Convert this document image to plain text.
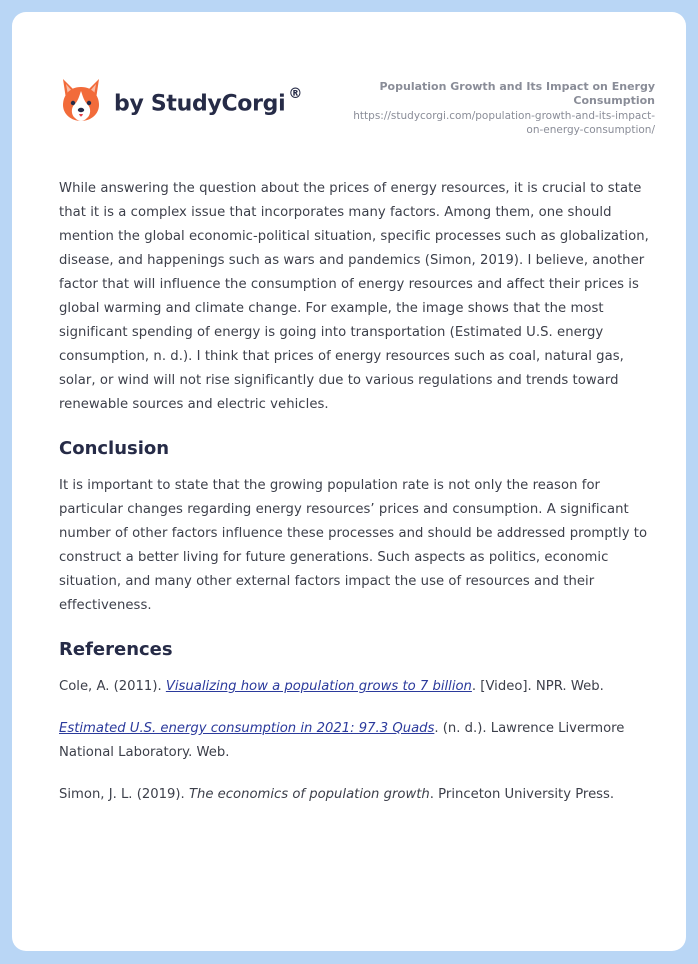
by StudyCorgi ®	Population Growth and Its Impact on Energy Consumption
https://studycorgi.com/population-growth-and-its-impact-
on-energy-consumption/

While answering the question about the prices of energy resources, it is crucial to state that it is a complex issue that incorporates many factors. Among them, one should mention the global economic-political situation, specific processes such as globalization, disease, and happenings such as wars and pandemics (Simon, 2019). I believe, another factor that will influence the consumption of energy resources and affect their prices is global warming and climate change. For example, the image shows that the most significant spending of energy is going into transportation (Estimated U.S. energy consumption, n. d.). I think that prices of energy resources such as coal, natural gas, solar, or wind will not rise significantly due to various regulations and trends toward renewable sources and electric vehicles.

Conclusion

It is important to state that the growing population rate is not only the reason for particular changes regarding energy resources’ prices and consumption. A significant number of other factors influence these processes and should be addressed promptly to construct a better living for future generations. Such aspects as politics, economic situation, and many other external factors impact the use of resources and their effectiveness.

References

Cole, A. (2011). Visualizing how a population grows to 7 billion. [Video]. NPR. Web.

Estimated U.S. energy consumption in 2021: 97.3 Quads. (n. d.). Lawrence Livermore National Laboratory. Web.

Simon, J. L. (2019). The economics of population growth. Princeton University Press.
